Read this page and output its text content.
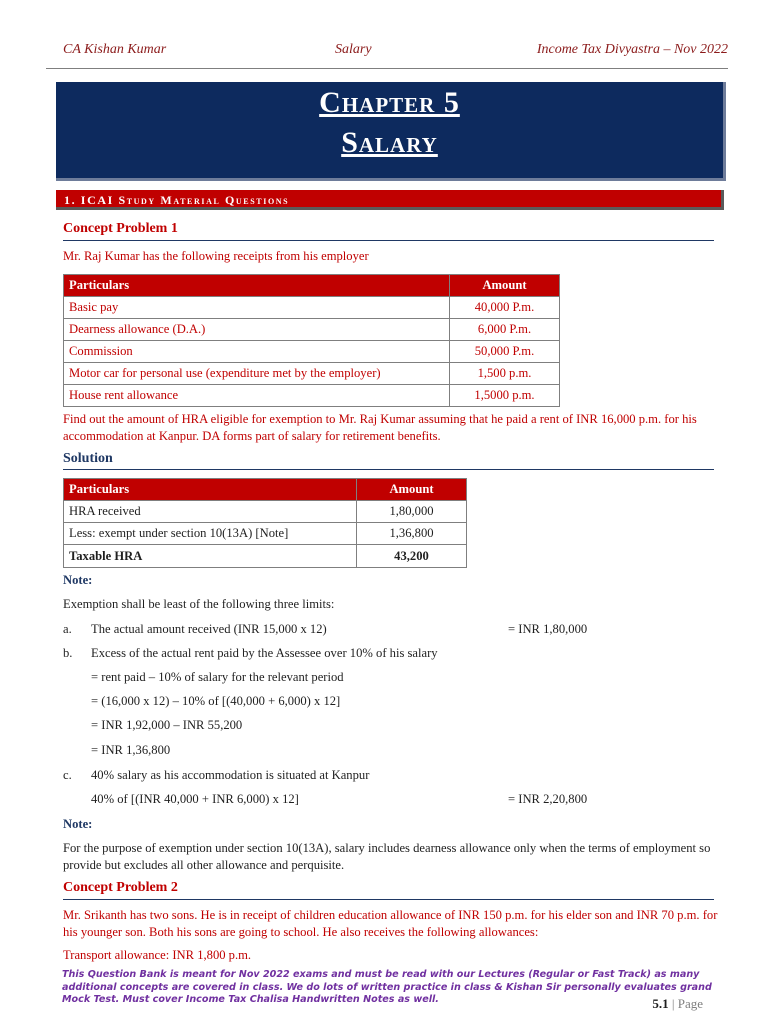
CA Kishan Kumar	Salary	Income Tax Divyastra – Nov 2022
Chapter 5
Salary
1. ICAI Study Material Questions
Concept Problem 1
Mr. Raj Kumar has the following receipts from his employer
Particulars	Amount
Basic pay	40,000 P.m.
Dearness allowance (D.A.)	6,000 P.m.
Commission	50,000 P.m.
Motor car for personal use (expenditure met by the employer)	1,500 p.m.
House rent allowance	1,5000 p.m.
Find out the amount of HRA eligible for exemption to Mr. Raj Kumar assuming that he paid a rent of INR 16,000 p.m. for his accommodation at Kanpur. DA forms part of salary for retirement benefits.
Solution
Particulars	Amount
HRA received	1,80,000
Less: exempt under section 10(13A) [Note]	1,36,800
Taxable HRA	43,200
Note:
Exemption shall be least of the following three limits:
a. The actual amount received (INR 15,000 x 12)	= INR 1,80,000
b. Excess of the actual rent paid by the Assessee over 10% of his salary
= rent paid – 10% of salary for the relevant period
= (16,000 x 12) – 10% of [(40,000 + 6,000) x 12]
= INR 1,92,000 – INR 55,200
= INR 1,36,800
c. 40% salary as his accommodation is situated at Kanpur
40% of [(INR 40,000 + INR 6,000) x 12]	= INR 2,20,800
Note:
For the purpose of exemption under section 10(13A), salary includes dearness allowance only when the terms of employment so provide but excludes all other allowance and perquisite.
Concept Problem 2
Mr. Srikanth has two sons. He is in receipt of children education allowance of INR 150 p.m. for his elder son and INR 70 p.m. for his younger son. Both his sons are going to school. He also receives the following allowances:
Transport allowance: INR 1,800 p.m.
This Question Bank is meant for Nov 2022 exams and must be read with our Lectures (Regular or Fast Track) as many additional concepts are covered in class. We do lots of written practice in class & Kishan Sir personally evaluates grand Mock Test. Must cover Income Tax Chalisa Handwritten Notes as well.	5.1 | Page
